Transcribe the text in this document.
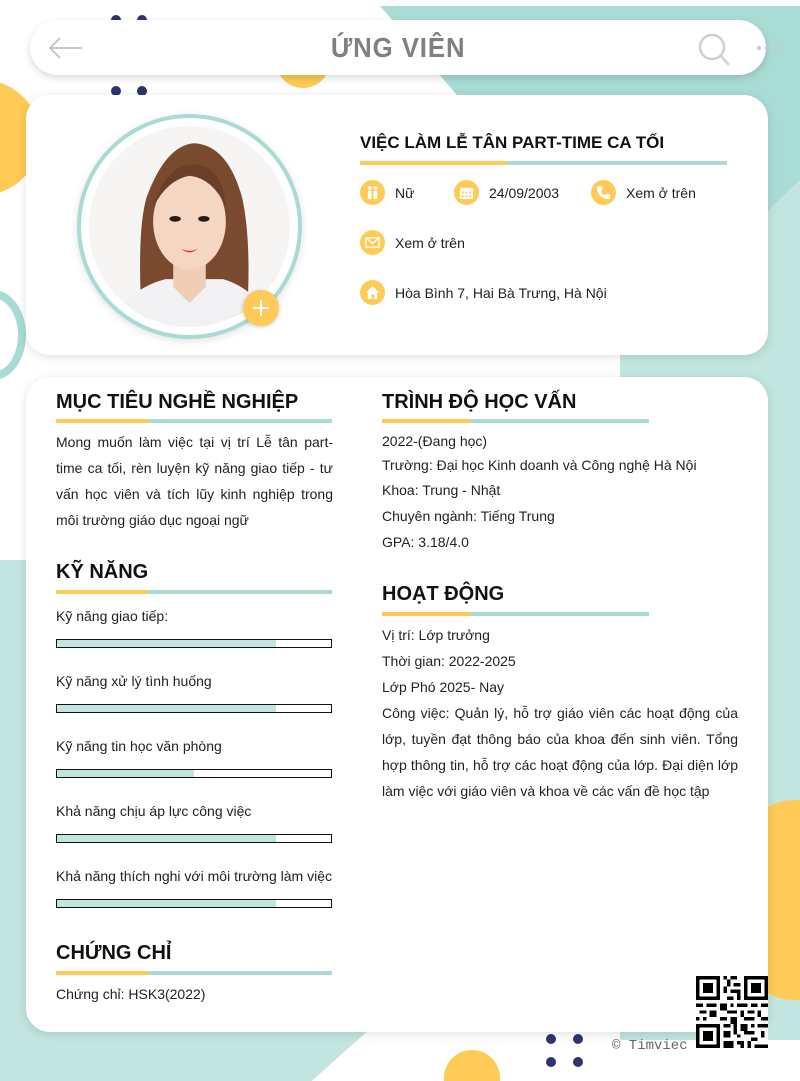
ỨNG VIÊN
VIỆC LÀM LỄ TÂN PART-TIME CA TỐI
Nữ	24/09/2003	Xem ở trên
Xem ở trên
Hòa Bình 7, Hai Bà Trưng, Hà Nội
MỤC TIÊU NGHỀ NGHIỆP
Mong muốn làm việc tại vị trí Lễ tân part-time ca tối, rèn luyện kỹ năng giao tiếp - tư vấn học viên và tích lũy kinh nghiệp trong môi trường giáo dục ngoại ngữ
KỸ NĂNG
Kỹ năng giao tiếp:
Kỹ năng xử lý tình huống
Kỹ năng tin học văn phòng
Khả năng chịu áp lực công việc
Khả năng thích nghi với môi trường làm việc
CHỨNG CHỈ
Chứng chỉ: HSK3(2022)
TRÌNH ĐỘ HỌC VẤN
2022-(Đang học)
Trường: Đại học Kinh doanh và Công nghệ Hà Nội
Khoa: Trung - Nhật
Chuyên ngành: Tiếng Trung
GPA: 3.18/4.0
HOẠT ĐỘNG
Vị trí: Lớp trưởng
Thời gian: 2022-2025
Lớp Phó 2025- Nay
Công việc: Quản lý, hỗ trợ giáo viên các hoạt động của lớp, tuyền đạt thông báo của khoa đến sinh viên. Tổng hợp thông tin, hỗ trợ các hoạt động của lớp. Đại diện lớp làm việc với giáo viên và khoa về các vấn đề học tập
© Timviec
